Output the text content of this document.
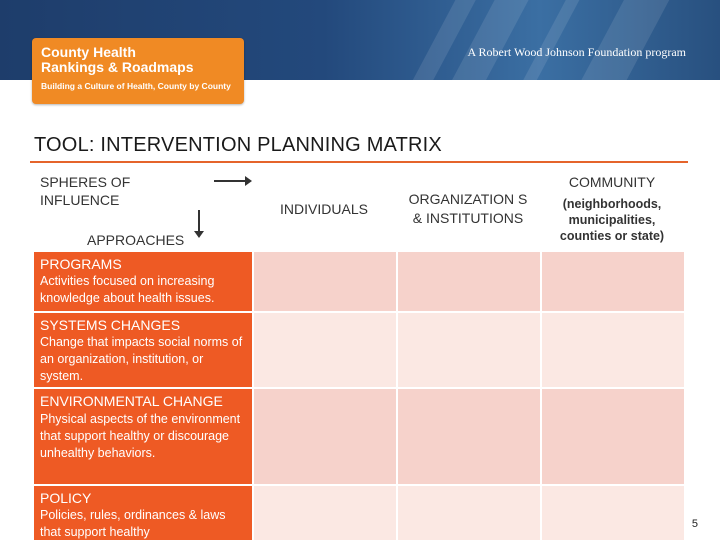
A Robert Wood Johnson Foundation program
County Health
Rankings & Roadmaps
Building a Culture of Health, County by County
TOOL: INTERVENTION PLANNING MATRIX
SPHERES OF INFLUENCE
APPROACHES
INDIVIDUALS
ORGANIZATION S & INSTITUTIONS
COMMUNITY
(neighborhoods, municipalities, counties or state)
PROGRAMS
Activities focused on increasing knowledge about health issues.
SYSTEMS CHANGES
Change that impacts social norms of an organization, institution, or system.
ENVIRONMENTAL CHANGE Physical aspects of the environment that support healthy or discourage unhealthy behaviors.
POLICY
Policies, rules, ordinances & laws that support healthy
5
